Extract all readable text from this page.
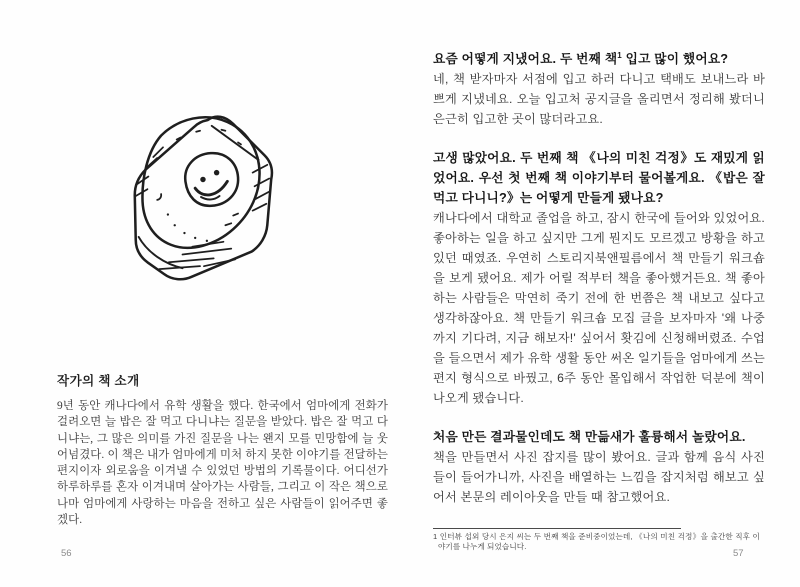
작가의 책 소개

9년 동안 캐나다에서 유학 생활을 했다. 한국에서 엄마에게 전화가 걸려오면 늘 밥은 잘 먹고 다니냐는 질문을 받았다. 밥은 잘 먹고 다니냐는, 그 많은 의미를 가진 질문을 나는 왠지 모를 민망함에 늘 웃어넘겼다. 이 책은 내가 엄마에게 미처 하지 못한 이야기를 전달하는 편지이자 외로움을 이겨낼 수 있었던 방법의 기록물이다. 어디선가 하루하루를 혼자 이겨내며 살아가는 사람들, 그리고 이 작은 책으로나마 엄마에게 사랑하는 마음을 전하고 싶은 사람들이 읽어주면 좋겠다.

56
요즘 어떻게 지냈어요. 두 번째 책$^1$ 입고 많이 했어요?

네, 책 받자마자 서점에 입고 하러 다니고 택배도 보내느라 바쁘게 지냈네요. 오늘 입고처 공지글을 올리면서 정리해 봤더니 은근히 입고한 곳이 많더라고요.

고생 많았어요. 두 번째 책 《나의 미친 걱정》도 재밌게 읽었어요. 우선 첫 번째 책 이야기부터 물어볼게요. 《밥은 잘 먹고 다니니?》는 어떻게 만들게 됐나요?

캐나다에서 대학교 졸업을 하고, 잠시 한국에 들어와 있었어요. 좋아하는 일을 하고 싶지만 그게 뭔지도 모르겠고 방황을 하고 있던 때였죠. 우연히 스토리지북앤필름에서 책 만들기 워크숍을 보게 됐어요. 제가 어릴 적부터 책을 좋아했거든요. 책 좋아하는 사람들은 막연히 죽기 전에 한 번쯤은 책 내보고 싶다고 생각하잖아요. 책 만들기 워크숍 모집 글을 보자마자 '왜 나중까지 기다려, 지금 해보자!' 싶어서 홧김에 신청해버렸죠. 수업을 들으면서 제가 유학 생활 동안 써온 일기들을 엄마에게 쓰는 편지 형식으로 바꿨고, 6주 동안 몰입해서 작업한 덕분에 책이 나오게 됐습니다.

처음 만든 결과물인데도 책 만듦새가 훌륭해서 놀랐어요.

책을 만들면서 사진 잡지를 많이 봤어요. 글과 함께 음식 사진들이 들어가니까, 사진을 배열하는 느낌을 잡지처럼 해보고 싶어서 본문의 레이아웃을 만들 때 참고했어요.

1 인터뷰 섭외 당시 은지 씨는 두 번째 책을 준비중이었는데, 《나의 미친 걱정》을 출간한 직후 이야기를 나누게 되었습니다.

57
